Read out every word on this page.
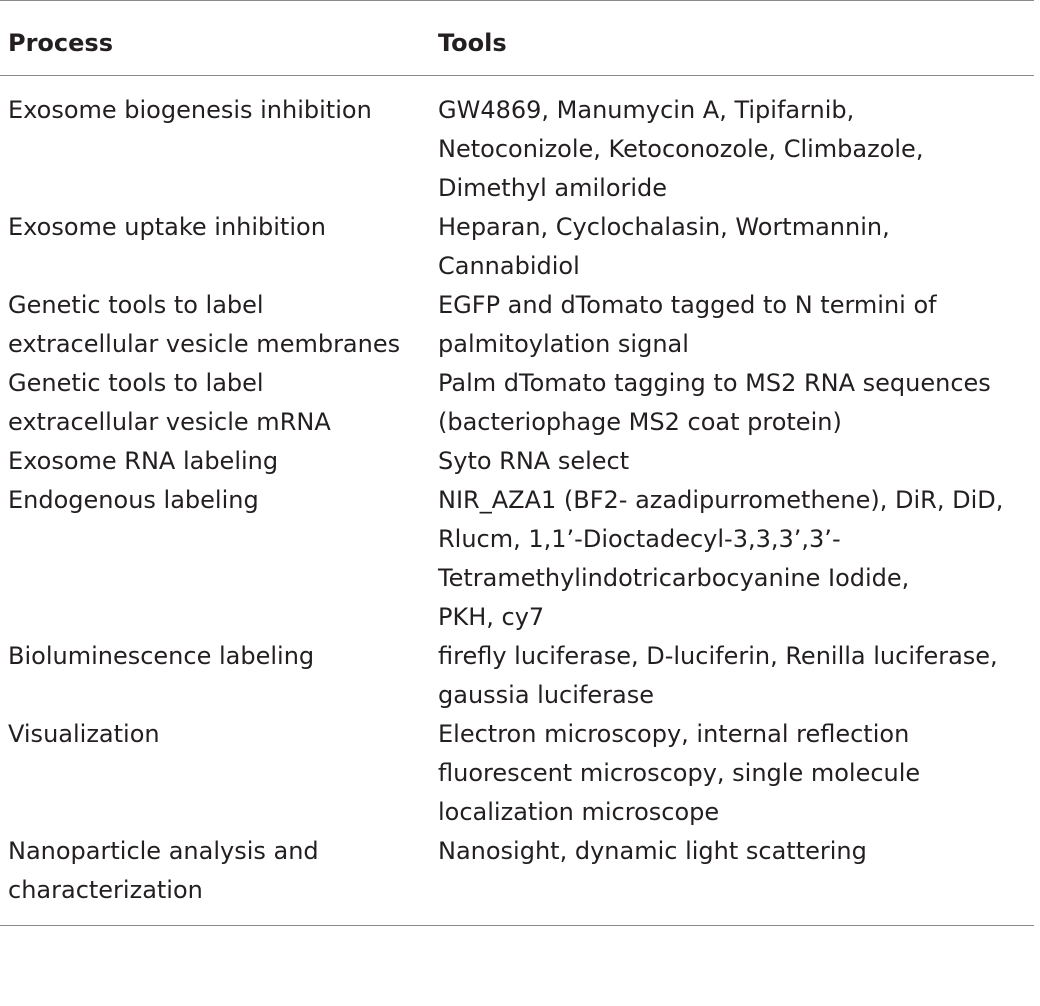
Process	Tools
Exosome biogenesis inhibition	GW4869, Manumycin A, Tipifarnib,
Netoconizole, Ketoconozole, Climbazole,
Dimethyl amiloride
Exosome uptake inhibition	Heparan, Cyclochalasin, Wortmannin,
Cannabidiol
Genetic tools to label
extracellular vesicle membranes	EGFP and dTomato tagged to N termini of
palmitoylation signal
Genetic tools to label
extracellular vesicle mRNA	Palm dTomato tagging to MS2 RNA sequences
(bacteriophage MS2 coat protein)
Exosome RNA labeling	Syto RNA select
Endogenous labeling	NIR_AZA1 (BF2- azadipurromethene), DiR, DiD,
Rlucm, 1,1’-Dioctadecyl-3,3,3’,3’-
Tetramethylindotricarbocyanine Iodide,
PKH, cy7
Bioluminescence labeling	firefly luciferase, D-luciferin, Renilla luciferase,
gaussia luciferase
Visualization	Electron microscopy, internal reflection
fluorescent microscopy, single molecule
localization microscope
Nanoparticle analysis and
characterization	Nanosight, dynamic light scattering
